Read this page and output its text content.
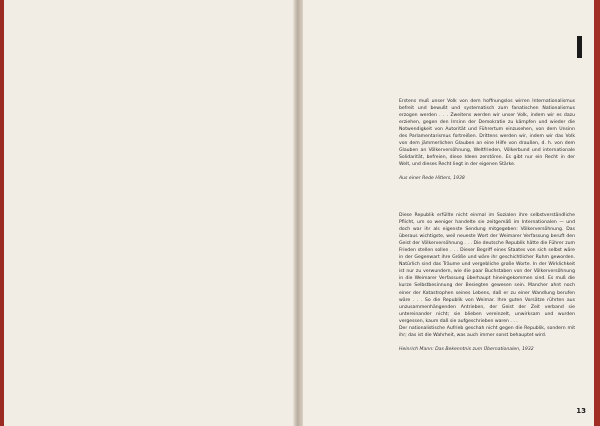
Erstens muß unser Volk von dem hoffnungslos wirren Internationalismus befreit und bewußt und systematisch zum fanatischen Nationalismus erzogen werden . . . Zweitens werden wir unser Volk, indem wir es dazu erziehen, gegen den Irrsinn der Demokratie zu kämpfen und wieder die Notwendigkeit von Autorität und Führertum einzusehen, von dem Unsinn des Parlamentarismus fortreißen. Drittens werden wir, indem wir das Volk von dem jämmerlichen Glauben an eine Hilfe von draußen, d. h. von dem Glauben an Völkerversöhnung, Weltfrieden, Völkerbund und internationale Solidarität, befreien, diese Ideen zerstören. Es gibt nur ein Recht in der Welt, und dieses Recht liegt in der eigenen Stärke.

Aus einer Rede Hitlers, 1938

Diese Republik erfüllte nicht einmal im Sozialen ihre selbstverständliche Pflicht, um so weniger handelte sie zeitgemäß im Internationalen — und doch war ihr als eigenste Sendung mitgegeben: Völkerversöhnung. Das überaus wichtigste, weil neueste Wort der Weimarer Verfassung beruft den Geist der Völkerversöhnung . . . Die deutsche Republik hätte die Führer zum Frieden stellen sollen . . . Dieser Begriff eines Staates von sich selbst wäre in der Gegenwart ihre Größe und wäre ihr geschichtlicher Ruhm geworden. Natürlich sind das Träume und vergebliche große Worte. In der Wirklichkeit ist nur zu verwundern, wie die paar Buchstaben von der Völkerversöhnung in die Weimarer Verfassung überhaupt hineingekommen sind. Es muß die kurze Selbstbesinnung der Besiegten gewesen sein. Mancher ahnt noch einer der Katastrophen seines Lebens, daß er zu einer Wandlung berufen wäre . . . So die Republik von Weimar. Ihre guten Vorsätze rührten aus unzusammenhängenden Antrieben, der Geist der Zeit verband sie untereinander nicht; sie blieben vereinzelt, unwirksam und wurden vergessen, kaum daß sie aufgeschrieben waren . . .

Der nationalistische Aufrieb geschah nicht gegen die Republik, sondern mit ihr; das ist die Wahrheit, was auch immer sonst behauptet wird.

Heinrich Mann: Das Bekenntnis zum Übernationalen, 1932

13
